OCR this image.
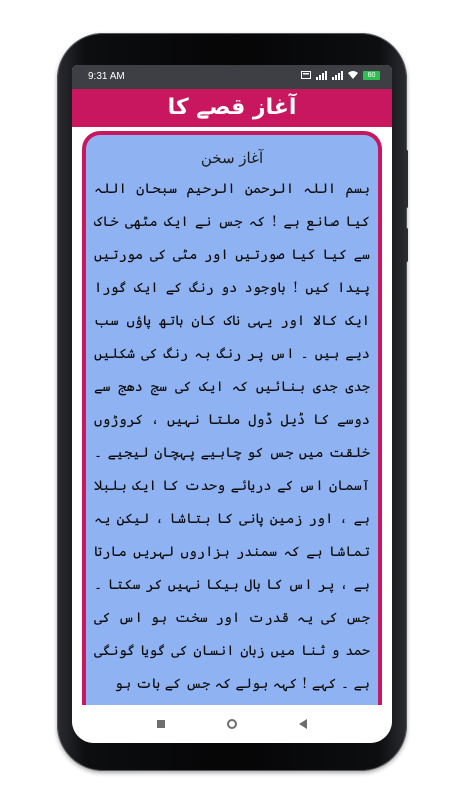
9:31 AM	60
آغاز قصے کا
آغاز سخن
بسم اللہ الرحمن الرحیم سبحان اللہ کیا صانع ہے ! کہ جس نے ایک مٹھی خاک سے کیا کیا صورتیں اور مٹی کی مورتیں پیدا کیں ! باوجود دو رنگ کے ایک گورا ایک کالا اور یہی ناک کان ہاتھ پاؤں سب دیے ہیں ۔ اس پر رنگ بہ رنگ کی شکلیں جدی جدی بنائیں کہ ایک کی سج دھج سے دوسے کا ڈیل ڈول ملتا نہیں ، کروڑوں خلقت میں جس کو چاہیے پہچان لیجیے ۔ آسمان اس کے دریائے وحدت کا ایک بلبلا ہے ، اور زمین پانی کا بتاشا ، لیکن یہ تماشا ہے کہ سمندر ہزاروں لہریں مارتا ہے ، پر اس کا بال بیکا نہیں کر سکتا ۔ جس کی یہ قدرت اور سخت ہو اس کی حمد و ثنا میں زبان انسان کی گویا گونگی ہے ۔ کہے ! کہہ بولے کہ جس کے بات ہو
